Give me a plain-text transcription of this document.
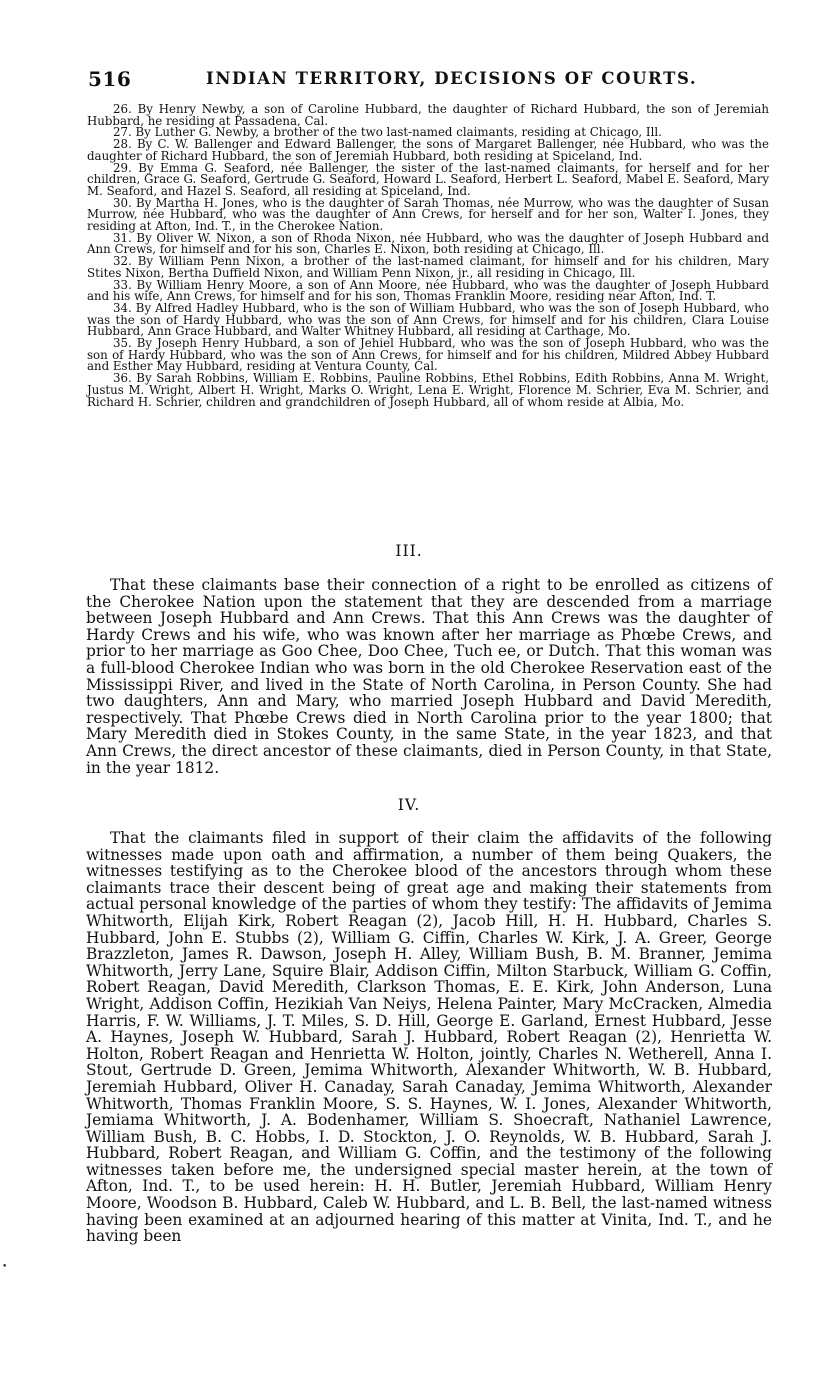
516	INDIAN TERRITORY, DECISIONS OF COURTS.

26. By Henry Newby, a son of Caroline Hubbard, the daughter of Richard Hubbard, the son of Jeremiah Hubbard, he residing at Passadena, Cal.

27. By Luther G. Newby, a brother of the two last-named claimants, residing at Chicago, Ill.

28. By C. W. Ballenger and Edward Ballenger, the sons of Margaret Ballenger, née Hubbard, who was the daughter of Richard Hubbard, the son of Jeremiah Hubbard, both residing at Spiceland, Ind.

29. By Emma G. Seaford, née Ballenger, the sister of the last-named claimants, for herself and for her children, Grace G. Seaford, Gertrude G. Seaford, Howard L. Seaford, Herbert L. Seaford, Mabel E. Seaford, Mary M. Seaford, and Hazel S. Seaford, all residing at Spiceland, Ind.

30. By Martha H. Jones, who is the daughter of Sarah Thomas, née Murrow, who was the daughter of Susan Murrow, née Hubbard, who was the daughter of Ann Crews, for herself and for her son, Walter I. Jones, they residing at Afton, Ind. T., in the Cherokee Nation.

31. By Oliver W. Nixon, a son of Rhoda Nixon, née Hubbard, who was the daughter of Joseph Hubbard and Ann Crews, for himself and for his son, Charles E. Nixon, both residing at Chicago, Ill.

32. By William Penn Nixon, a brother of the last-named claimant, for himself and for his children, Mary Stites Nixon, Bertha Duffield Nixon, and William Penn Nixon, jr., all residing in Chicago, Ill.

33. By William Henry Moore, a son of Ann Moore, née Hubbard, who was the daughter of Joseph Hubbard and his wife, Ann Crews, for himself and for his son, Thomas Franklin Moore, residing near Afton, Ind. T.

34. By Alfred Hadley Hubbard, who is the son of William Hubbard, who was the son of Joseph Hubbard, who was the son of Hardy Hubbard, who was the son of Ann Crews, for himself and for his children, Clara Louise Hubbard, Ann Grace Hubbard, and Walter Whitney Hubbard, all residing at Carthage, Mo.

35. By Joseph Henry Hubbard, a son of Jehiel Hubbard, who was the son of Joseph Hubbard, who was the son of Hardy Hubbard, who was the son of Ann Crews, for himself and for his children, Mildred Abbey Hubbard and Esther May Hubbard, residing at Ventura County, Cal.

36. By Sarah Robbins, William E. Robbins, Pauline Robbins, Ethel Robbins, Edith Robbins, Anna M. Wright, Justus M. Wright, Albert H. Wright, Marks O. Wright, Lena E. Wright, Florence M. Schrier, Eva M. Schrier, and Richard H. Schrier, children and grandchildren of Joseph Hubbard, all of whom reside at Albia, Mo.

III.

That these claimants base their connection of a right to be enrolled as citizens of the Cherokee Nation upon the statement that they are descended from a marriage between Joseph Hubbard and Ann Crews. That this Ann Crews was the daughter of Hardy Crews and his wife, who was known after her marriage as Phœbe Crews, and prior to her marriage as Goo Chee, Doo Chee, Tuch ee, or Dutch. That this woman was a full-blood Cherokee Indian who was born in the old Cherokee Reservation east of the Mississippi River, and lived in the State of North Carolina, in Person County. She had two daughters, Ann and Mary, who married Joseph Hubbard and David Meredith, respectively. That Phœbe Crews died in North Carolina prior to the year 1800; that Mary Meredith died in Stokes County, in the same State, in the year 1823, and that Ann Crews, the direct ancestor of these claimants, died in Person County, in that State, in the year 1812.

IV.

That the claimants filed in support of their claim the affidavits of the following witnesses made upon oath and affirmation, a number of them being Quakers, the witnesses testifying as to the Cherokee blood of the ancestors through whom these claimants trace their descent being of great age and making their statements from actual personal knowledge of the parties of whom they testify: The affidavits of Jemima Whitworth, Elijah Kirk, Robert Reagan (2), Jacob Hill, H. H. Hubbard, Charles S. Hubbard, John E. Stubbs (2), William G. Ciffin, Charles W. Kirk, J. A. Greer, George Brazzleton, James R. Dawson, Joseph H. Alley, William Bush, B. M. Branner, Jemima Whitworth, Jerry Lane, Squire Blair, Addison Ciffin, Milton Starbuck, William G. Coffin, Robert Reagan, David Meredith, Clarkson Thomas, E. E. Kirk, John Anderson, Luna Wright, Addison Coffin, Hezikiah Van Neiys, Helena Painter, Mary McCracken, Almedia Harris, F. W. Williams, J. T. Miles, S. D. Hill, George E. Garland, Ernest Hubbard, Jesse A. Haynes, Joseph W. Hubbard, Sarah J. Hubbard, Robert Reagan (2), Henrietta W. Holton, Robert Reagan and Henrietta W. Holton, jointly, Charles N. Wetherell, Anna I. Stout, Gertrude D. Green, Jemima Whitworth, Alexander Whitworth, W. B. Hubbard, Jeremiah Hubbard, Oliver H. Canaday, Sarah Canaday, Jemima Whitworth, Alexander Whitworth, Thomas Franklin Moore, S. S. Haynes, W. I. Jones, Alexander Whitworth, Jemiama Whitworth, J. A. Bodenhamer, William S. Shoecraft, Nathaniel Lawrence, William Bush, B. C. Hobbs, I. D. Stockton, J. O. Reynolds, W. B. Hubbard, Sarah J. Hubbard, Robert Reagan, and William G. Coffin, and the testimony of the following witnesses taken before me, the undersigned special master herein, at the town of Afton, Ind. T., to be used herein: H. H. Butler, Jeremiah Hubbard, William Henry Moore, Woodson B. Hubbard, Caleb W. Hubbard, and L. B. Bell, the last-named witness having been examined at an adjourned hearing of this matter at Vinita, Ind. T., and he having been

•
